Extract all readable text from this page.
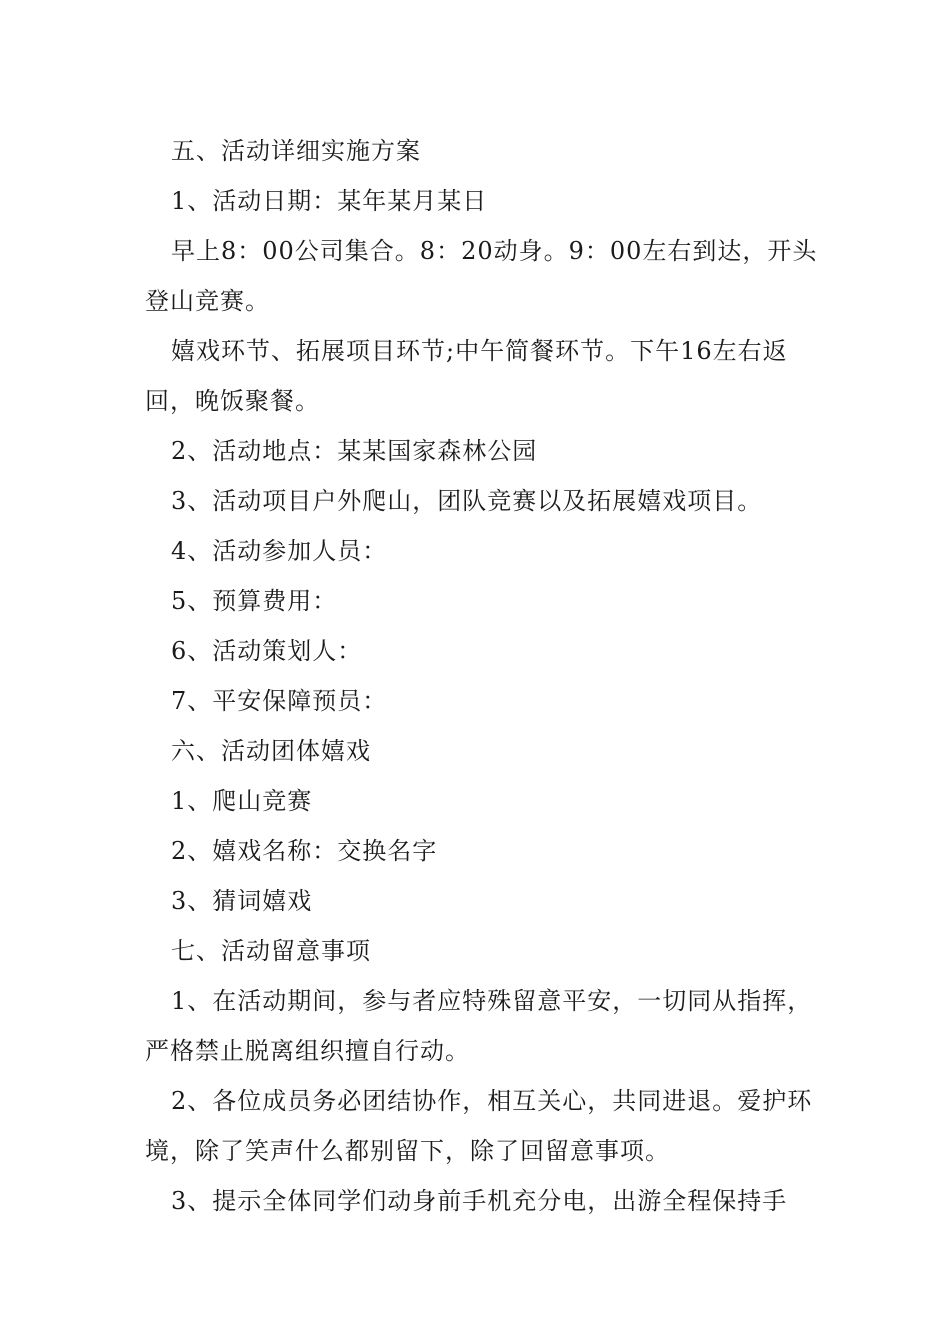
五、活动详细实施方案

1、活动日期：某年某月某日

早上8：00公司集合。8：20动身。9：00左右到达，开头登山竞赛。

嬉戏环节、拓展项目环节;中午简餐环节。下午16左右返回，晚饭聚餐。

2、活动地点：某某国家森林公园

3、活动项目户外爬山，团队竞赛以及拓展嬉戏项目。

4、活动参加人员：

5、预算费用：

6、活动策划人：

7、平安保障预员：

六、活动团体嬉戏

1、爬山竞赛

2、嬉戏名称：交换名字

3、猜词嬉戏

七、活动留意事项

1、在活动期间，参与者应特殊留意平安，一切同从指挥，严格禁止脱离组织擅自行动。

2、各位成员务必团结协作，相互关心，共同进退。爱护环境，除了笑声什么都别留下，除了回留意事项。

3、提示全体同学们动身前手机充分电，出游全程保持手
